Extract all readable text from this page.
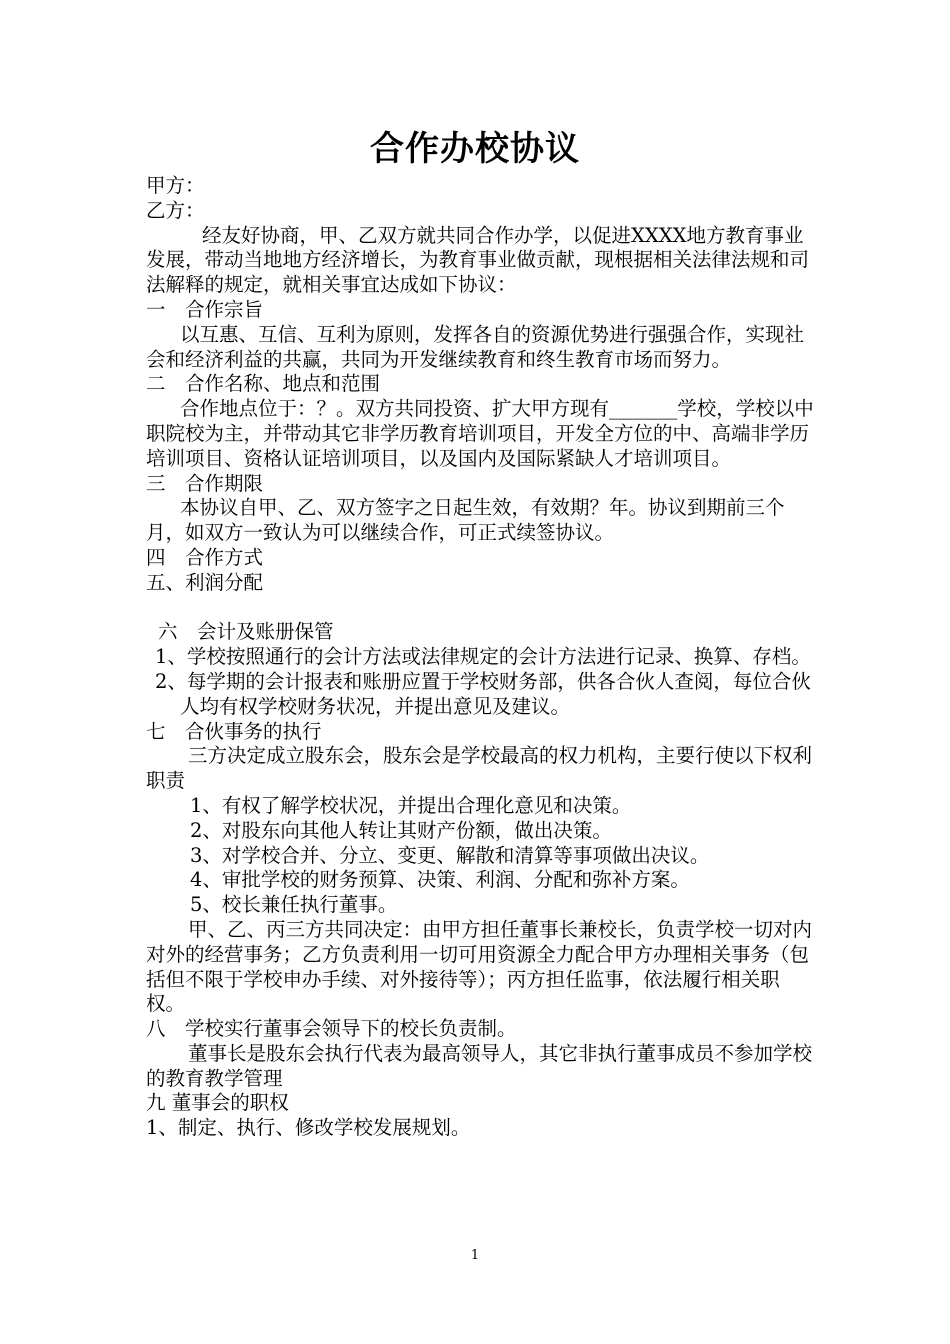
合作办校协议

甲方：

乙方：

经友好协商，甲、乙双方就共同合作办学，以促进XXXX地方教育事业发展，带动当地地方经济增长，为教育事业做贡献，现根据相关法律法规和司法解释的规定，就相关事宜达成如下协议：

一　合作宗旨

以互惠、互信、互利为原则，发挥各自的资源优势进行强强合作，实现社会和经济利益的共赢，共同为开发继续教育和终生教育市场而努力。

二　合作名称、地点和范围

合作地点位于：？。双方共同投资、扩大甲方现有_______学校，学校以中职院校为主，并带动其它非学历教育培训项目，开发全方位的中、高端非学历培训项目、资格认证培训项目，以及国内及国际紧缺人才培训项目。

三　合作期限

本协议自甲、乙、双方签字之日起生效，有效期？年。协议到期前三个月，如双方一致认为可以继续合作，可正式续签协议。

四　合作方式

五、利润分配

六　会计及账册保管

1、学校按照通行的会计方法或法律规定的会计方法进行记录、换算、存档。

2、每学期的会计报表和账册应置于学校财务部，供各合伙人查阅，每位合伙人均有权学校财务状况，并提出意见及建议。

七　合伙事务的执行

三方决定成立股东会，股东会是学校最高的权力机构，主要行使以下权利职责

1、有权了解学校状况，并提出合理化意见和决策。

2、对股东向其他人转让其财产份额，做出决策。

3、对学校合并、分立、变更、解散和清算等事项做出决议。

4、审批学校的财务预算、决策、利润、分配和弥补方案。

5、校长兼任执行董事。

甲、乙、丙三方共同决定：由甲方担任董事长兼校长，负责学校一切对内对外的经营事务；乙方负责利用一切可用资源全力配合甲方办理相关事务（包括但不限于学校申办手续、对外接待等）；丙方担任监事，依法履行相关职权。

八　学校实行董事会领导下的校长负责制。

董事长是股东会执行代表为最高领导人，其它非执行董事成员不参加学校的教育教学管理

九 董事会的职权

1、制定、执行、修改学校发展规划。

1
